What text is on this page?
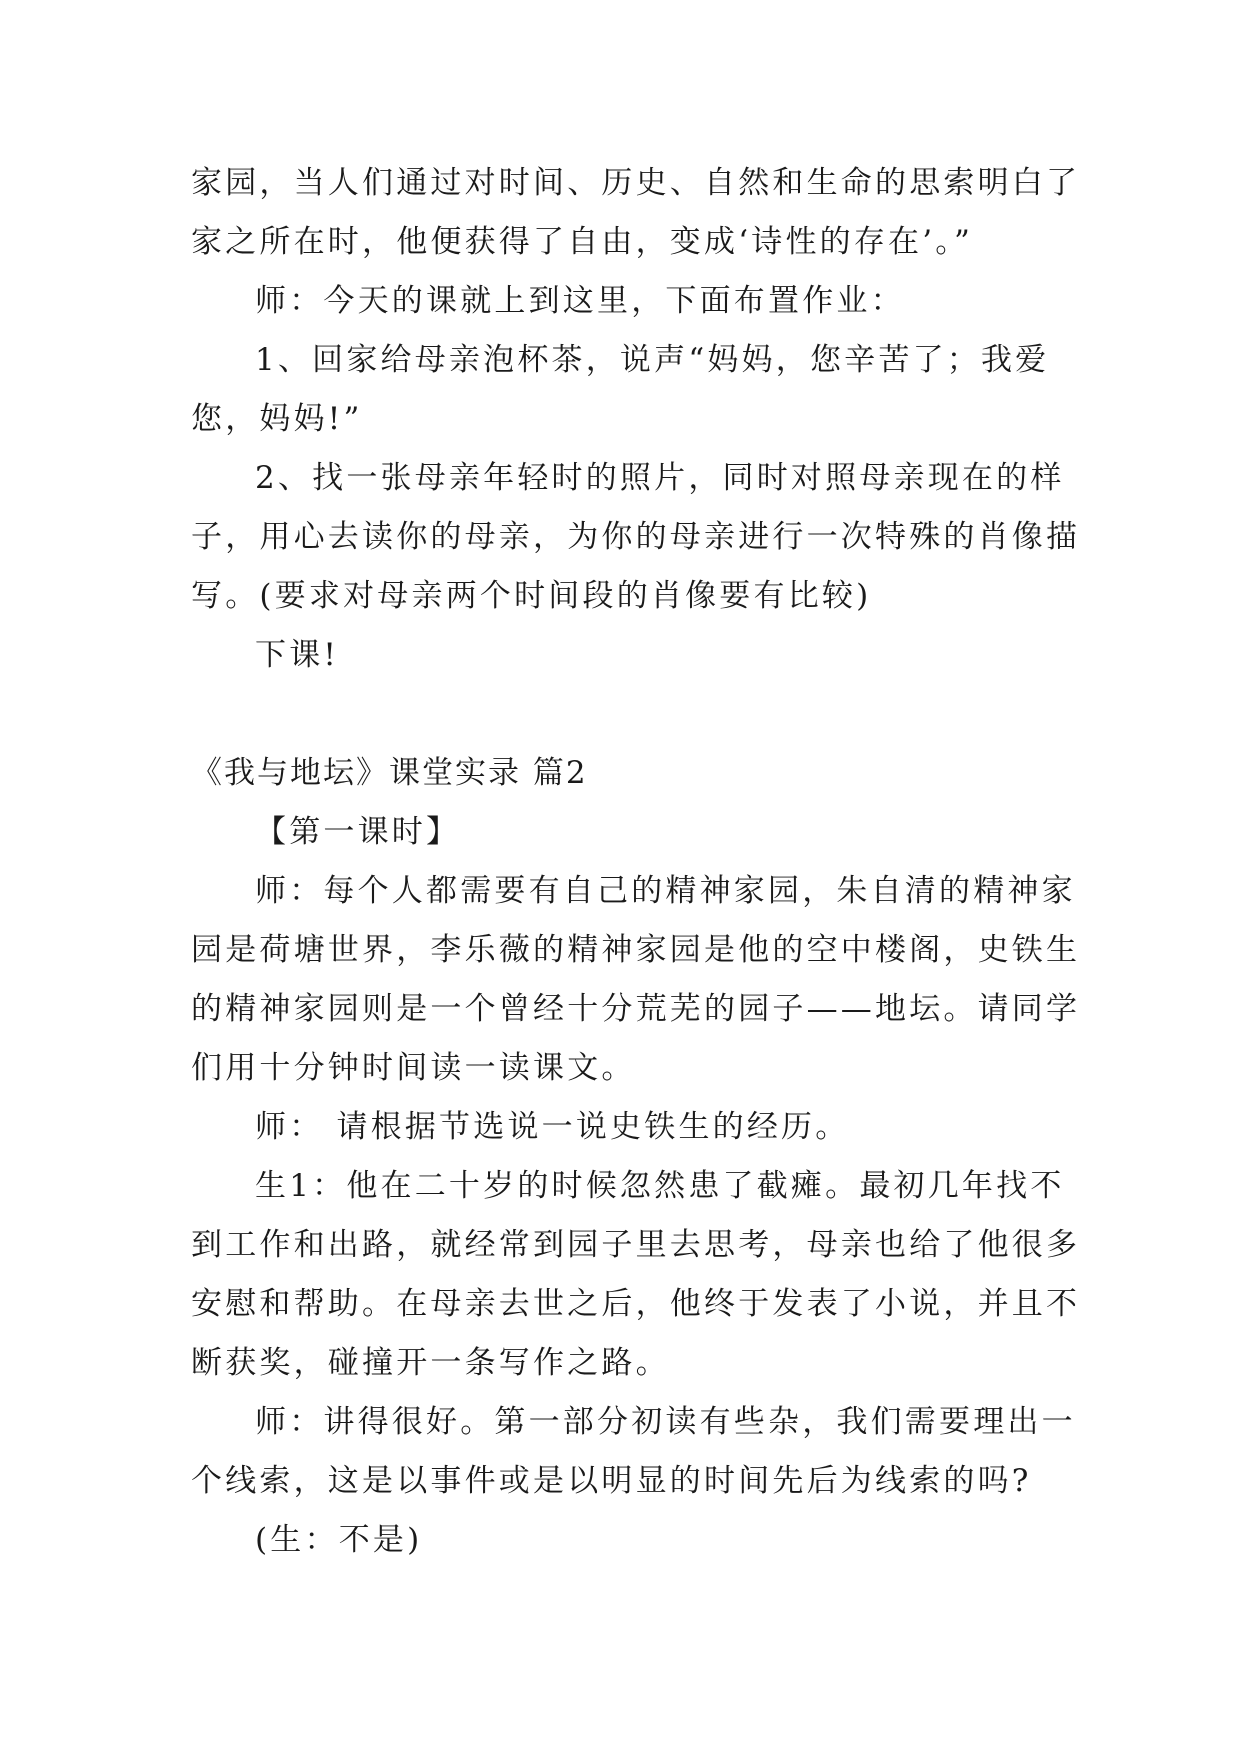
家园，当人们通过对时间、历史、自然和生命的思索明白了
家之所在时，他便获得了自由，变成‘诗性的存在’。”
师：今天的课就上到这里，下面布置作业：
1、回家给母亲泡杯茶，说声“妈妈，您辛苦了；我爱
您，妈妈!”
2、找一张母亲年轻时的照片，同时对照母亲现在的样
子，用心去读你的母亲，为你的母亲进行一次特殊的肖像描
写。(要求对母亲两个时间段的肖像要有比较)
下课!
《我与地坛》课堂实录 篇2
【第一课时】
师：每个人都需要有自己的精神家园，朱自清的精神家
园是荷塘世界，李乐薇的精神家园是他的空中楼阁，史铁生
的精神家园则是一个曾经十分荒芜的园子——地坛。请同学
们用十分钟时间读一读课文。
师： 请根据节选说一说史铁生的经历。
生1：他在二十岁的时候忽然患了截瘫。最初几年找不
到工作和出路，就经常到园子里去思考，母亲也给了他很多
安慰和帮助。在母亲去世之后，他终于发表了小说，并且不
断获奖，碰撞开一条写作之路。
师：讲得很好。第一部分初读有些杂，我们需要理出一
个线索，这是以事件或是以明显的时间先后为线索的吗?
(生：不是)
